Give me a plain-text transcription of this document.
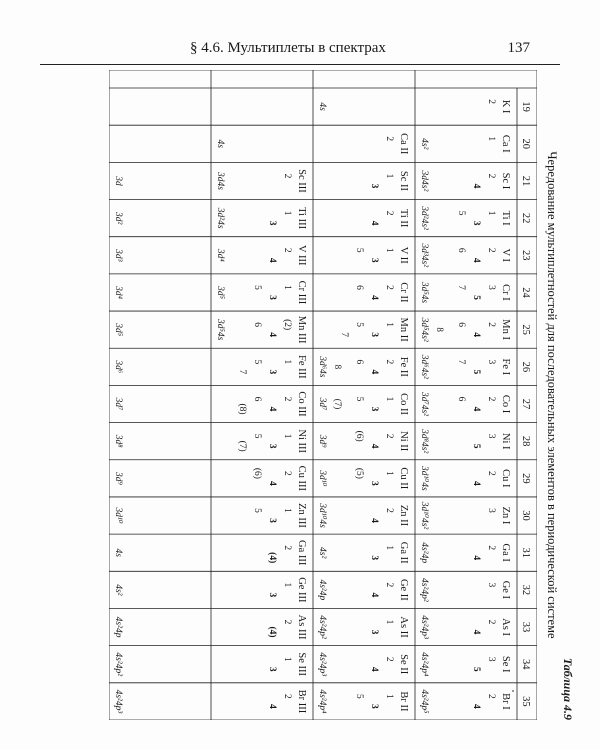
§ 4.6. Мультиплеты в спектрах	137
Таблица 4.9
Чередование мультиплетностей для последовательных элементов в периодической системе
19
20
21
22
23
24
25
26
27
28
29
30
31
32
33
34
35
K I
2
Ca I
1
4s²
Sc I
2
4
3d4s²
Ti I
1
3
5
3d²4s²
V I
2
4
6
3d³4s²
Cr I
3
5
7
3d⁵4s
Mn I
2
4
6
8
3d⁵4s²
Fe I
3
5
7
3d⁶4s²
Co I
2
4
6
3d⁷4s²
Ni I
3
5
3d⁸4s²
Cu I
2
4
3d¹⁰4s
Zn I
3
3d¹⁰4s²
Ga I
2
4
4s²4p
Ge I
3
4s²4p²
As I
2
4
4s²4p³
Se I
3
5
4s²4p⁴
Br I
2
4
4s²4p⁵
4s
Ca II
2
Sc II
1
3
Ti II
2
4
V II
1
3
5
Cr II
2
4
6
Mn II
1
3
5
7
Fe II
2
4
6
8
3d⁶4s
Co II
1
3
5
(7)
3d⁷
Ni II
2
4
(6)
3d⁹
Cu II
1
3
(5)
3d¹⁰
Zn II
2
4
3d¹⁰4s
Ga II
1
3
4s²
Ge II
2
4
4s²4p
As II
1
3
4s²4p²
Se II
2
4
4s²4p³
Br II
1
3
5
4s²4p⁴
4s
Sc III
2
3d4s
Ti III
1
3
3d²4s
V III
2
4
3d⁴
Cr III
1
3
5
3d⁵
Mn III
(2)
4
6
3d⁵4s
Fe III
1
3
5
7
Co III
2
4
6
(8)
Ni III
1
3
5
(7)
Cu III
2
4
(6)
Zn III
1
3
5
Ga III
2
(4)
Ge III
1
3
As III
2
(4)
Se III
1
3
Br III
2
4
3d
3d²
3d³
3d⁴
3d⁵
3d⁶
3d⁷
3d⁸
3d⁹
3d¹⁰
4s
4s²
4s²4p
4s²4p²
4s²4p³
